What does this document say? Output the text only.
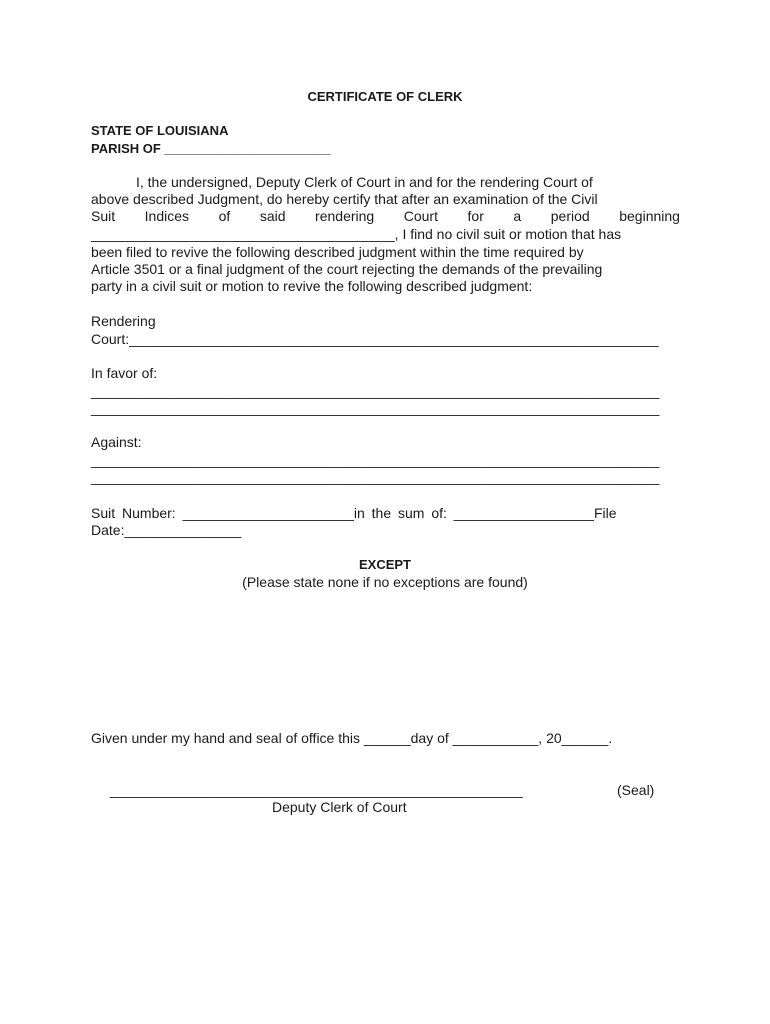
CERTIFICATE OF CLERK
STATE OF LOUISIANA
PARISH OF _______________________
I, the undersigned, Deputy Clerk of Court in and for the rendering Court of
above described Judgment, do hereby certify that after an examination of the Civil
Suit Indices of said rendering Court for a period beginning
_______________________________________, I find no civil suit or motion that has
been filed to revive the following described judgment within the time required by
Article 3501 or a final judgment of the court rejecting the demands of the prevailing
party in a civil suit or motion to revive the following described judgment:
Rendering
Court:____________________________________________________________________
In favor of:
_________________________________________________________________________
_________________________________________________________________________
Against:
_________________________________________________________________________
_________________________________________________________________________
Suit Number: ______________________in the sum of: __________________File
Date:_______________
EXCEPT
(Please state none if no exceptions are found)
Given under my hand and seal of office this ______day of ___________, 20______.
_____________________________________________________	(Seal)
Deputy Clerk of Court
